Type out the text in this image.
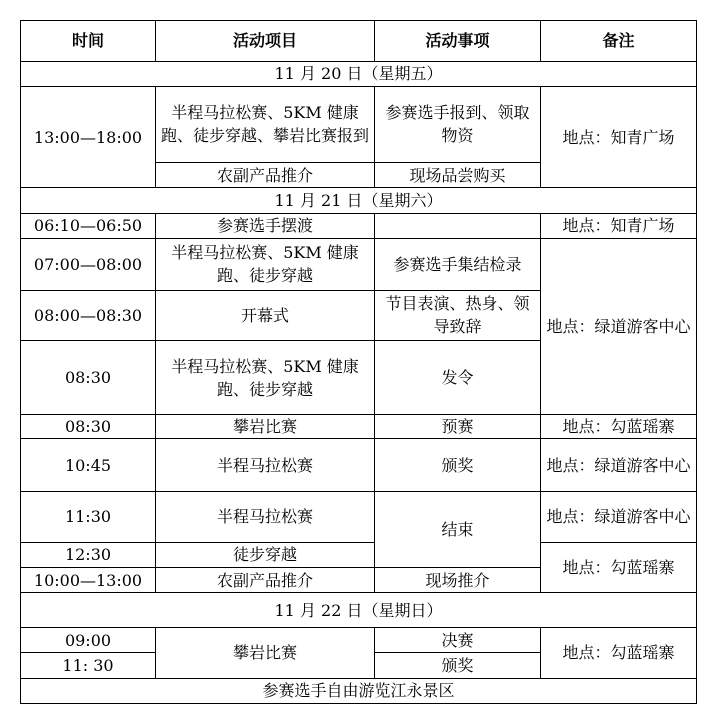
时间	活动项目	活动事项	备注
11 月 20 日（星期五）			
13:00—18:00	半程马拉松赛、5KM 健康跑、徒步穿越、攀岩比赛报到	参赛选手报到、领取物资	地点：知青广场
	农副产品推介	现场品尝购买	
11 月 21 日（星期六）			
06:10—06:50	参赛选手摆渡		地点：知青广场
07:00—08:00	半程马拉松赛、5KM 健康跑、徒步穿越	参赛选手集结检录	地点：绿道游客中心
08:00—08:30	开幕式	节目表演、热身、领导致辞	
08:30	半程马拉松赛、5KM 健康跑、徒步穿越	发令	
08:30	攀岩比赛	预赛	地点：勾蓝瑶寨
10:45	半程马拉松赛	颁奖	地点：绿道游客中心
11:30	半程马拉松赛	结束	地点：绿道游客中心
12:30	徒步穿越		地点：勾蓝瑶寨
10:00—13:00	农副产品推介	现场推介	
11 月 22 日（星期日）			
09:00	攀岩比赛	决赛	地点：勾蓝瑶寨
11: 30		颁奖	
参赛选手自由游览江永景区			
